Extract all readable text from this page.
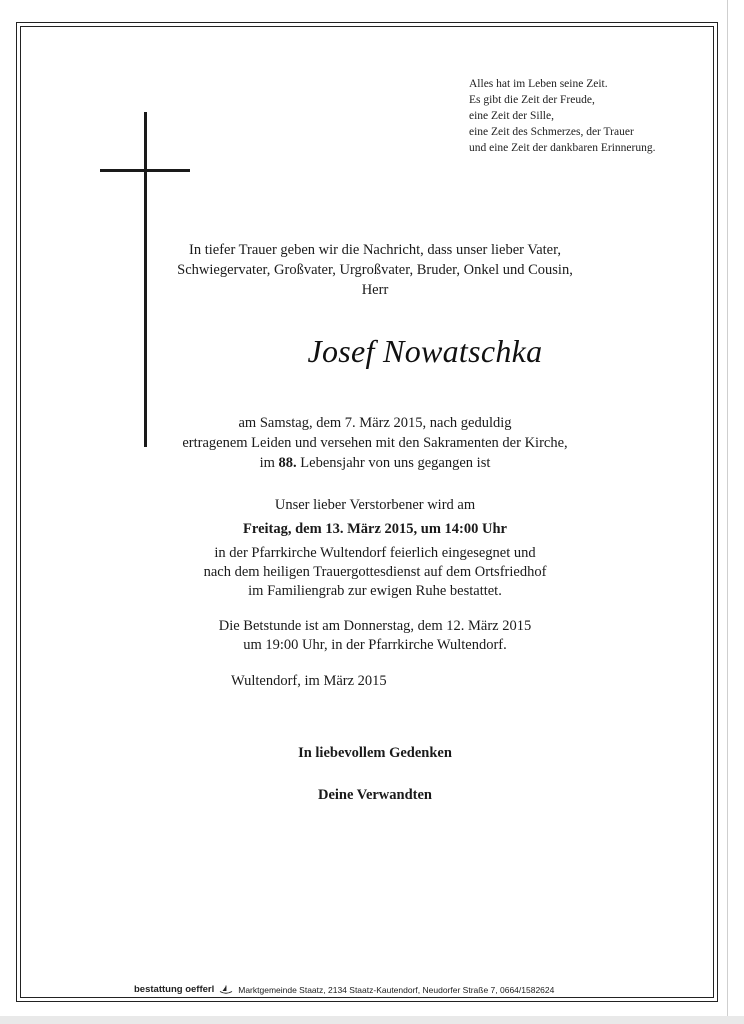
Alles hat im Leben seine Zeit.
Es gibt die Zeit der Freude,
eine Zeit der Sille,
eine Zeit des Schmerzes, der Trauer
und eine Zeit der dankbaren Erinnerung.
In tiefer Trauer geben wir die Nachricht, dass unser lieber Vater,
Schwiegervater, Großvater, Urgroßvater, Bruder, Onkel und Cousin,
Herr
Josef Nowatschka
am Samstag, dem 7. März 2015, nach geduldig
ertragenem Leiden und versehen mit den Sakramenten der Kirche,
im 88. Lebensjahr von uns gegangen ist
Unser lieber Verstorbener wird am
Freitag, dem 13. März 2015, um 14:00 Uhr
in der Pfarrkirche Wultendorf feierlich eingesegnet und
nach dem heiligen Trauergottesdienst auf dem Ortsfriedhof
im Familiengrab zur ewigen Ruhe bestattet.
Die Betstunde ist am Donnerstag, dem 12. März 2015
um 19:00 Uhr, in der Pfarrkirche Wultendorf.
Wultendorf, im März 2015
In liebevollem Gedenken
Deine Verwandten
bestattung oefferl	Marktgemeinde Staatz, 2134 Staatz-Kautendorf, Neudorfer Straße 7, 0664/1582624
